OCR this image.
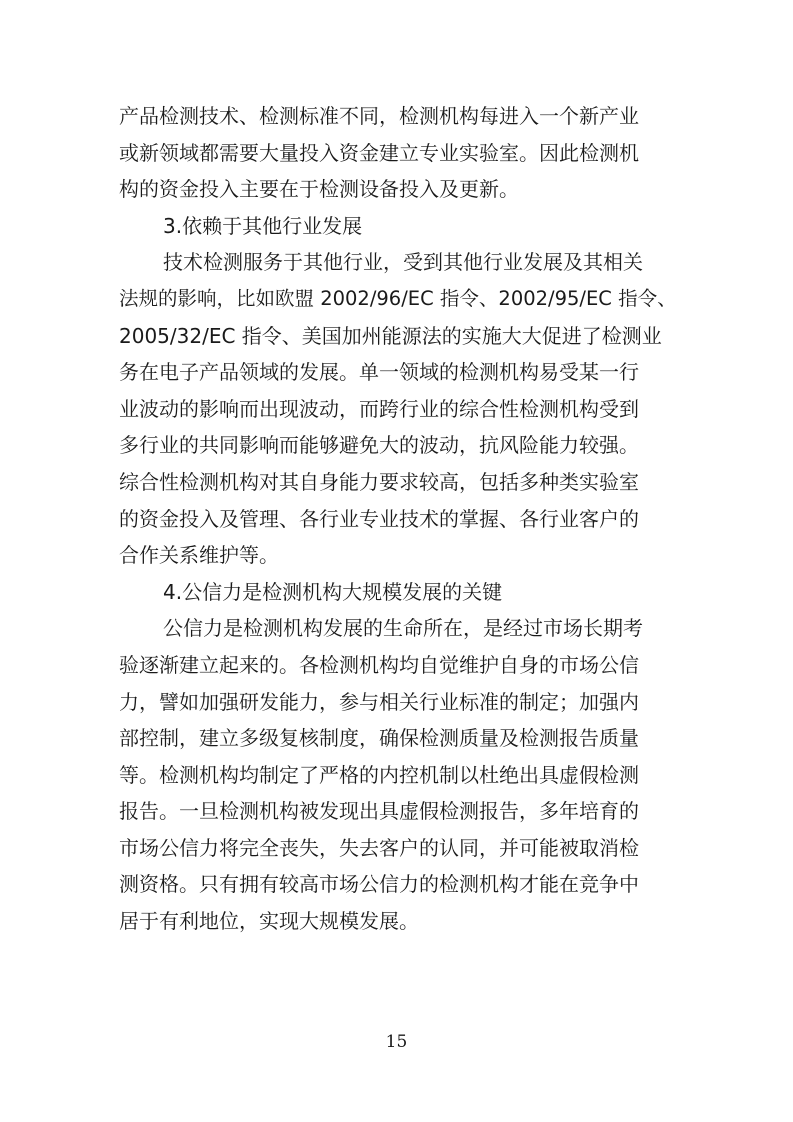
产品检测技术、检测标准不同，检测机构每进入一个新产业
或新领域都需要大量投入资金建立专业实验室。因此检测机
构的资金投入主要在于检测设备投入及更新。
3.依赖于其他行业发展
技术检测服务于其他行业，受到其他行业发展及其相关
法规的影响，比如欧盟 2002/96/EC 指令、2002/95/EC 指令、
2005/32/EC 指令、美国加州能源法的实施大大促进了检测业
务在电子产品领域的发展。单一领域的检测机构易受某一行
业波动的影响而出现波动，而跨行业的综合性检测机构受到
多行业的共同影响而能够避免大的波动，抗风险能力较强。
综合性检测机构对其自身能力要求较高，包括多种类实验室
的资金投入及管理、各行业专业技术的掌握、各行业客户的
合作关系维护等。
4.公信力是检测机构大规模发展的关键
公信力是检测机构发展的生命所在，是经过市场长期考
验逐渐建立起来的。各检测机构均自觉维护自身的市场公信
力，譬如加强研发能力，参与相关行业标准的制定；加强内
部控制，建立多级复核制度，确保检测质量及检测报告质量
等。检测机构均制定了严格的内控机制以杜绝出具虚假检测
报告。一旦检测机构被发现出具虚假检测报告，多年培育的
市场公信力将完全丧失，失去客户的认同，并可能被取消检
测资格。只有拥有较高市场公信力的检测机构才能在竞争中
居于有利地位，实现大规模发展。
15
